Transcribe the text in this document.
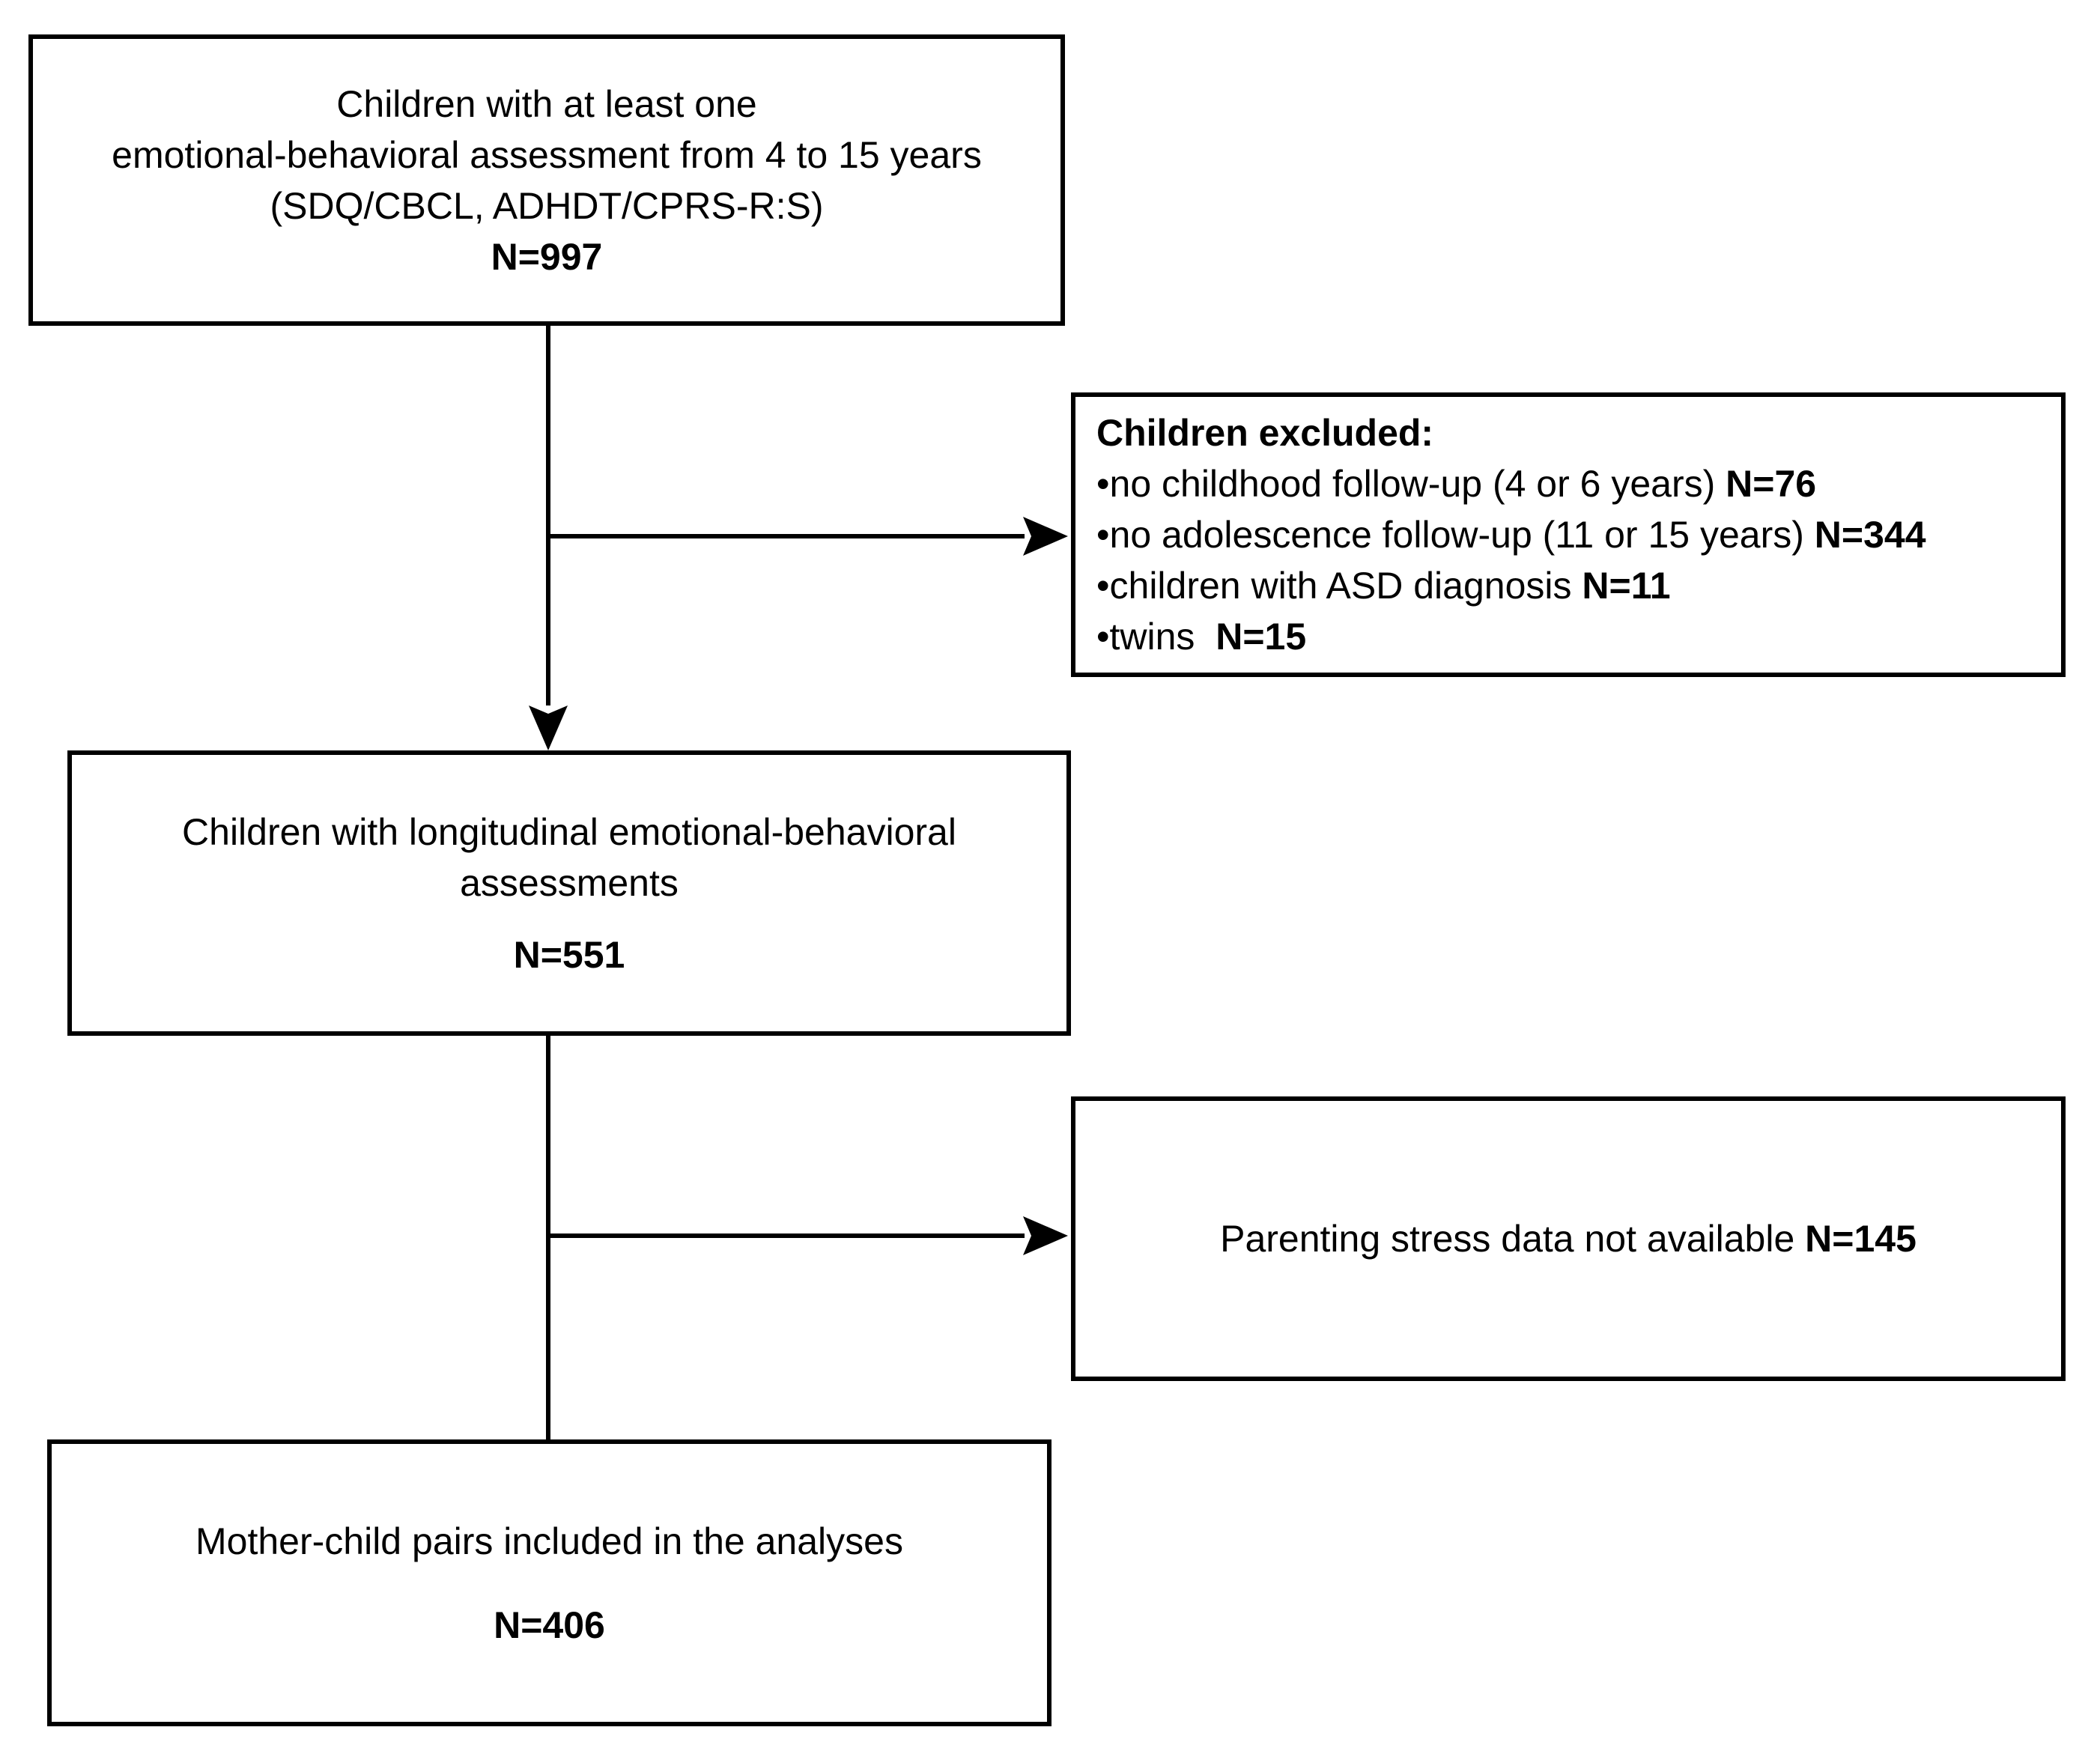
Children with at least one
emotional-behavioral assessment from 4 to 15 years
(SDQ/CBCL, ADHDT/CPRS-R:S)
N=997
Children excluded:
•no childhood follow-up (4 or 6 years) N=76
•no adolescence follow-up (11 or 15 years) N=344
•children with ASD diagnosis N=11
•twins  N=15
Children with longitudinal emotional-behavioral
assessments
N=551
Parenting stress data not available N=145
Mother-child pairs included in the analyses
N=406
